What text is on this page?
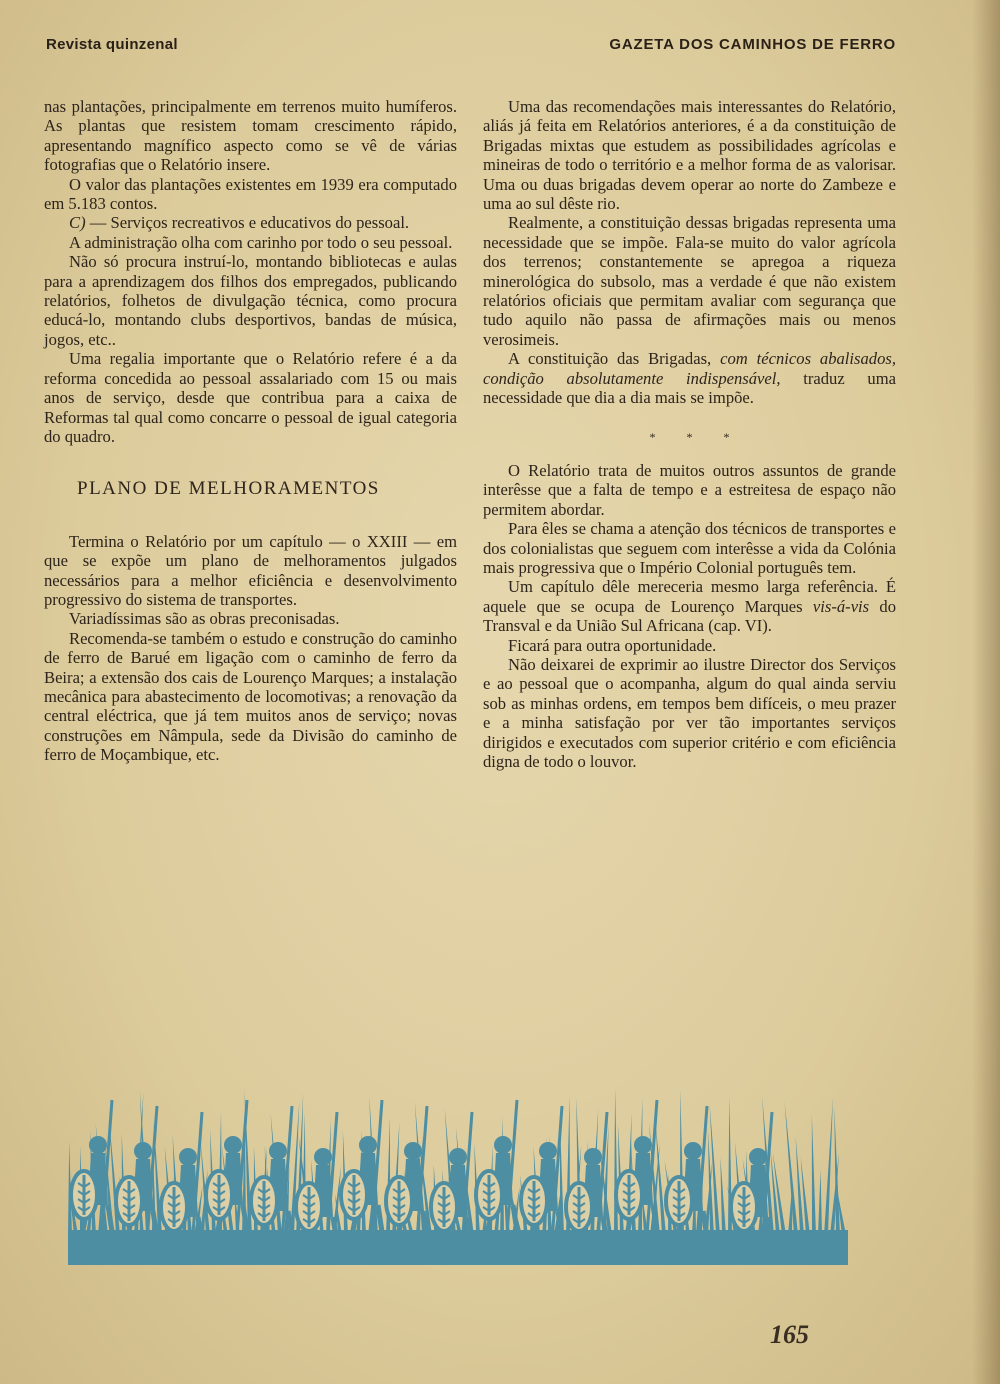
Revista quinzenal	GAZETA DOS CAMINHOS DE FERRO

nas plantações, principalmente em terrenos muito humíferos. As plantas que resistem tomam crescimento rápido, apresentando magnífico aspecto como se vê de várias fotografias que o Relatório insere.

O valor das plantações existentes em 1939 era computado em 5.183 contos.

C) — Serviços recreativos e educativos do pessoal.

A administração olha com carinho por todo o seu pessoal.

Não só procura instruí-lo, montando bibliotecas e aulas para a aprendizagem dos filhos dos empregados, publicando relatórios, folhetos de divulgação técnica, como procura educá-lo, montando clubs desportivos, bandas de música, jogos, etc..

Uma regalia importante que o Relatório refere é a da reforma concedida ao pessoal assalariado com 15 ou mais anos de serviço, desde que contribua para a caixa de Reformas tal qual como concarre o pessoal de igual categoria do quadro.

PLANO DE MELHORAMENTOS

Termina o Relatório por um capítulo — o XXIII — em que se expõe um plano de melhoramentos julgados necessários para a melhor eficiência e desenvolvimento progressivo do sistema de transportes.

Variadíssimas são as obras preconisadas.

Recomenda-se também o estudo e construção do caminho de ferro de Barué em ligação com o caminho de ferro da Beira; a extensão dos cais de Lourenço Marques; a instalação mecânica para abastecimento de locomotivas; a renovação da central eléctrica, que já tem muitos anos de serviço; novas construções em Nâmpula, sede da Divisão do caminho de ferro de Moçambique, etc.

Uma das recomendações mais interessantes do Relatório, aliás já feita em Relatórios anteriores, é a da constituição de Brigadas mixtas que estudem as possibilidades agrícolas e mineiras de todo o território e a melhor forma de as valorisar. Uma ou duas brigadas devem operar ao norte do Zambeze e uma ao sul dêste rio.

Realmente, a constituição dessas brigadas representa uma necessidade que se impõe. Fala-se muito do valor agrícola dos terrenos; constantemente se apregoa a riqueza minerológica do subsolo, mas a verdade é que não existem relatórios oficiais que permitam avaliar com segurança que tudo aquilo não passa de afirmações mais ou menos verosimeis.

A constituição das Brigadas, com técnicos abalisados, condição absolutamente indispensável, traduz uma necessidade que dia a dia mais se impõe.

* * *

O Relatório trata de muitos outros assuntos de grande interêsse que a falta de tempo e a estreitesa de espaço não permitem abordar.

Para êles se chama a atenção dos técnicos de transportes e dos colonialistas que seguem com interêsse a vida da Colónia mais progressiva que o Império Colonial português tem.

Um capítulo dêle mereceria mesmo larga referência. É aquele que se ocupa de Lourenço Marques vis-á-vis do Transval e da União Sul Africana (cap. VI).

Ficará para outra oportunidade.

Não deixarei de exprimir ao ilustre Director dos Serviços e ao pessoal que o acompanha, algum do qual ainda serviu sob as minhas ordens, em tempos bem difíceis, o meu prazer e a minha satisfação por ver tão importantes serviços dirigidos e executados com superior critério e com eficiência digna de todo o louvor.

165
